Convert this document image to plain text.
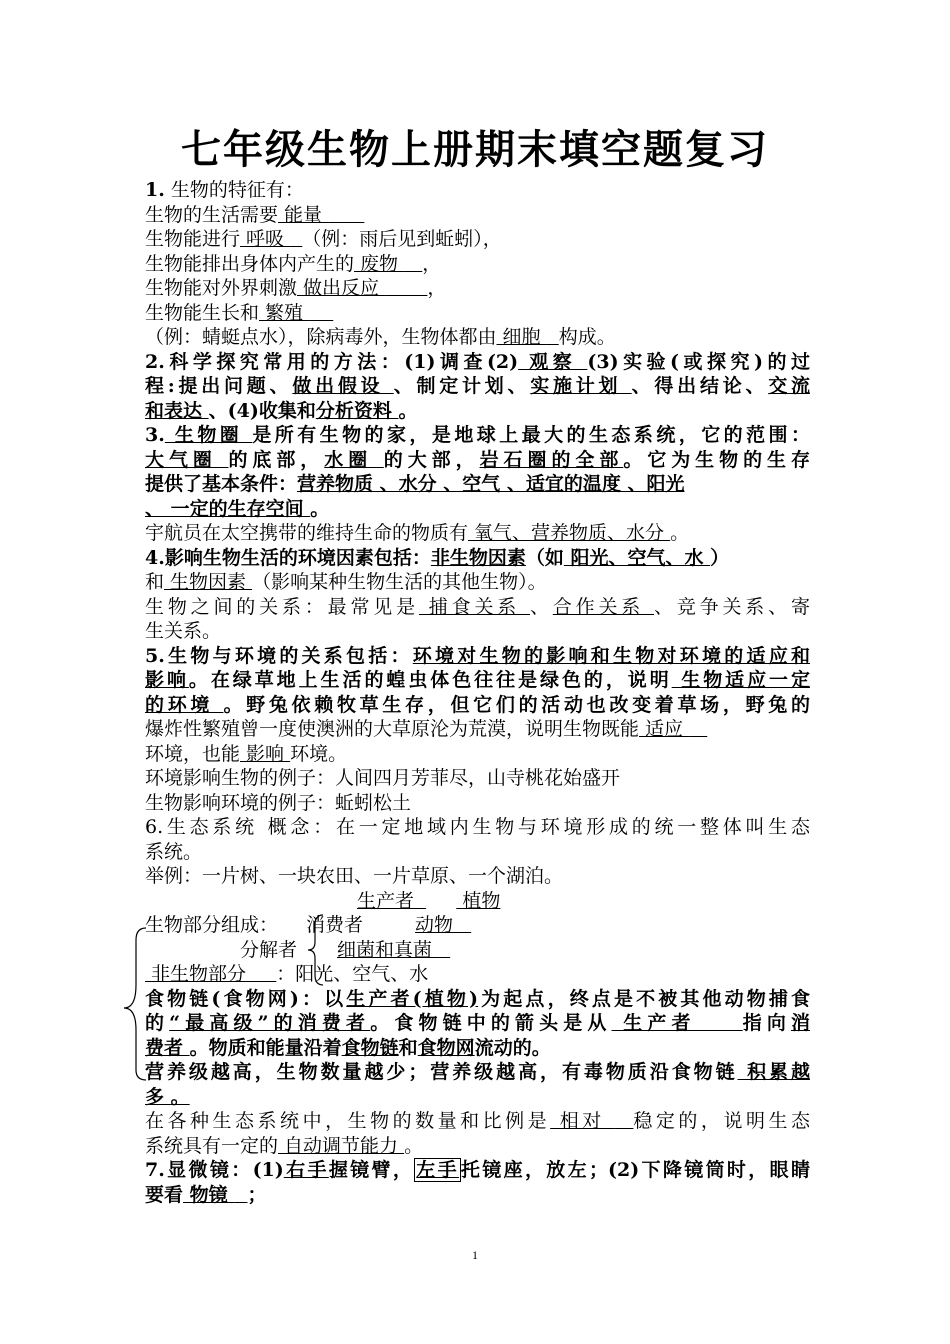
七年级生物上册期末填空题复习
1. 生物的特征有：
生物的生活需要 能量
生物能进行 呼吸   （例：雨后见到蚯蚓），
生物能排出身体内产生的 废物    ，
生物能对外界刺激 做出反应        ，
生物能生长和 繁殖
（例：蜻蜓点水），除病毒外，生物体都由 细胞   构成。
2.科学探究常用的方法：(1)调查(2) 观察 (3)实验(或探究)的过
程:提出问题、做出假设 、制定计划、实施计划 、得出结论、交流
和表达 、(4)收集和分析资料 。
3. 生物圈 是所有生物的家，是地球上最大的生态系统，它的范围：
大气圈 的底部，水圈 的大部，岩石圈的全部。它为生物的生存
提供了基本条件：营养物质 、水分 、空气 、适宜的温度 、阳光
、 一定的生存空间 。
宇航员在太空携带的维持生命的物质有 氧气、营养物质、水分 。
4.影响生物生活的环境因素包括：非生物因素（如 阳光、空气、水 ）
和 生物因素 （影响某种生物生活的其他生物）。
生物之间的关系：最常见是 捕食关系 、合作关系 、竞争关系、寄
生关系。
5.生物与环境的关系包括：环境对生物的影响和生物对环境的适应和
影响。在绿草地上生活的蝗虫体色往往是绿色的，说明 生物适应一定
的环境 。野兔依赖牧草生存，但它们的活动也改变着草场，野兔的
爆炸性繁殖曾一度使澳洲的大草原沦为荒漠，说明生物既能 适应
环境，也能 影响 环境。
环境影响生物的例子：人间四月芳菲尽，山寺桃花始盛开
生物影响环境的例子：蚯蚓松土
6.生态系统 概念：在一定地域内生物与环境形成的统一整体叫生态
系统。
举例：一片树、一块农田、一片草原、一个湖泊。
生产者	植物
生物部分组成： 消费者	动物
分解者 细菌和真菌
非生物部分 ：阳光、空气、水
食物链(食物网)：以生产者(植物)为起点，终点是不被其他动物捕食
的“最高级”的消费者。食物链中的箭头是从 生产者    指向消
费者 。物质和能量沿着食物链和食物网流动的。
营养级越高，生物数量越少；营养级越高，有毒物质沿食物链 积累越
多 。
在各种生态系统中，生物的数量和比例是 相对   稳定的，说明生态
系统具有一定的 自动调节能力 。
7.显微镜：(1)右手握镜臂， 左手 托镜座，放左；(2)下降镜筒时，眼睛
要看 物镜   ；
1
